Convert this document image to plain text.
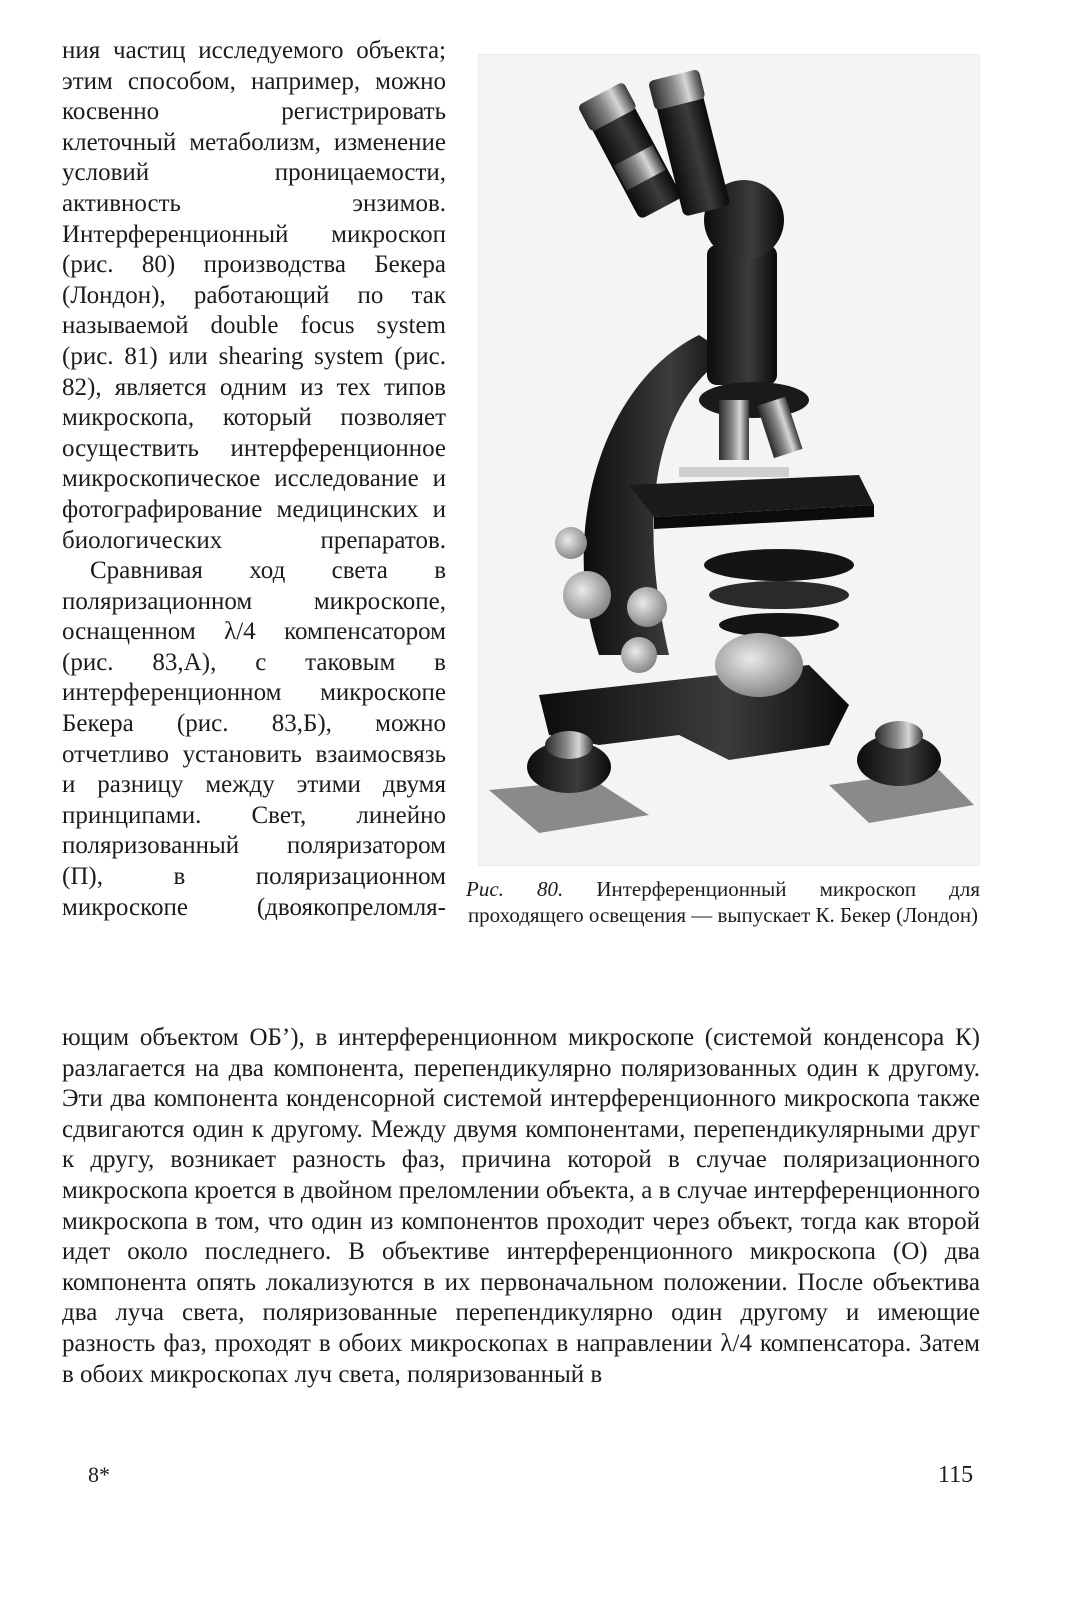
ния частиц исследуемого объекта; этим способом, например, можно косвенно регистрировать клеточный метаболизм, изменение условий проницаемости, активность энзимов. Интерференционный микроскоп (рис. 80) производства Бекера (Лондон), работающий по так называемой double focus system (рис. 81) или shearing system (рис. 82), является одним из тех типов микроскопа, который позволяет осуществить интерференционное микроскопическое исследование и фотографирование медицинских и биологических препаратов.

Сравнивая ход света в поляризационном микроскопе, оснащенном λ/4 компенсатором (рис. 83,А), с таковым в интерференционном микроскопе Бекера (рис. 83,Б), можно отчетливо установить взаимосвязь и разницу между этими двумя принципами. Свет, линейно поляризованный поляризатором (П), в поляризационном микроскопе (двоякопреломля-

Рис. 80. Интерференционный микроскоп для проходящего освещения — выпускает К. Бекер (Лондон)

ющим объектом ОБ’), в интерференционном микроскопе (системой конденсора К) разлагается на два компонента, перепендикулярно поляризованных один к другому. Эти два компонента конденсорной системой интерференционного микроскопа также сдвигаются один к другому. Между двумя компонентами, перепендикулярными друг к другу, возникает разность фаз, причина которой в случае поляризационного микроскопа кроется в двойном преломлении объекта, а в случае интерференционного микроскопа в том, что один из компонентов проходит через объект, тогда как второй идет около последнего. В объективе интерференционного микроскопа (О) два компонента опять локализуются в их первоначальном положении. После объектива два луча света, поляризованные перепендикулярно один другому и имеющие разность фаз, проходят в обоих микроскопах в направлении λ/4 компенсатора. Затем в обоих микроскопах луч света, поляризованный в

8*	115
